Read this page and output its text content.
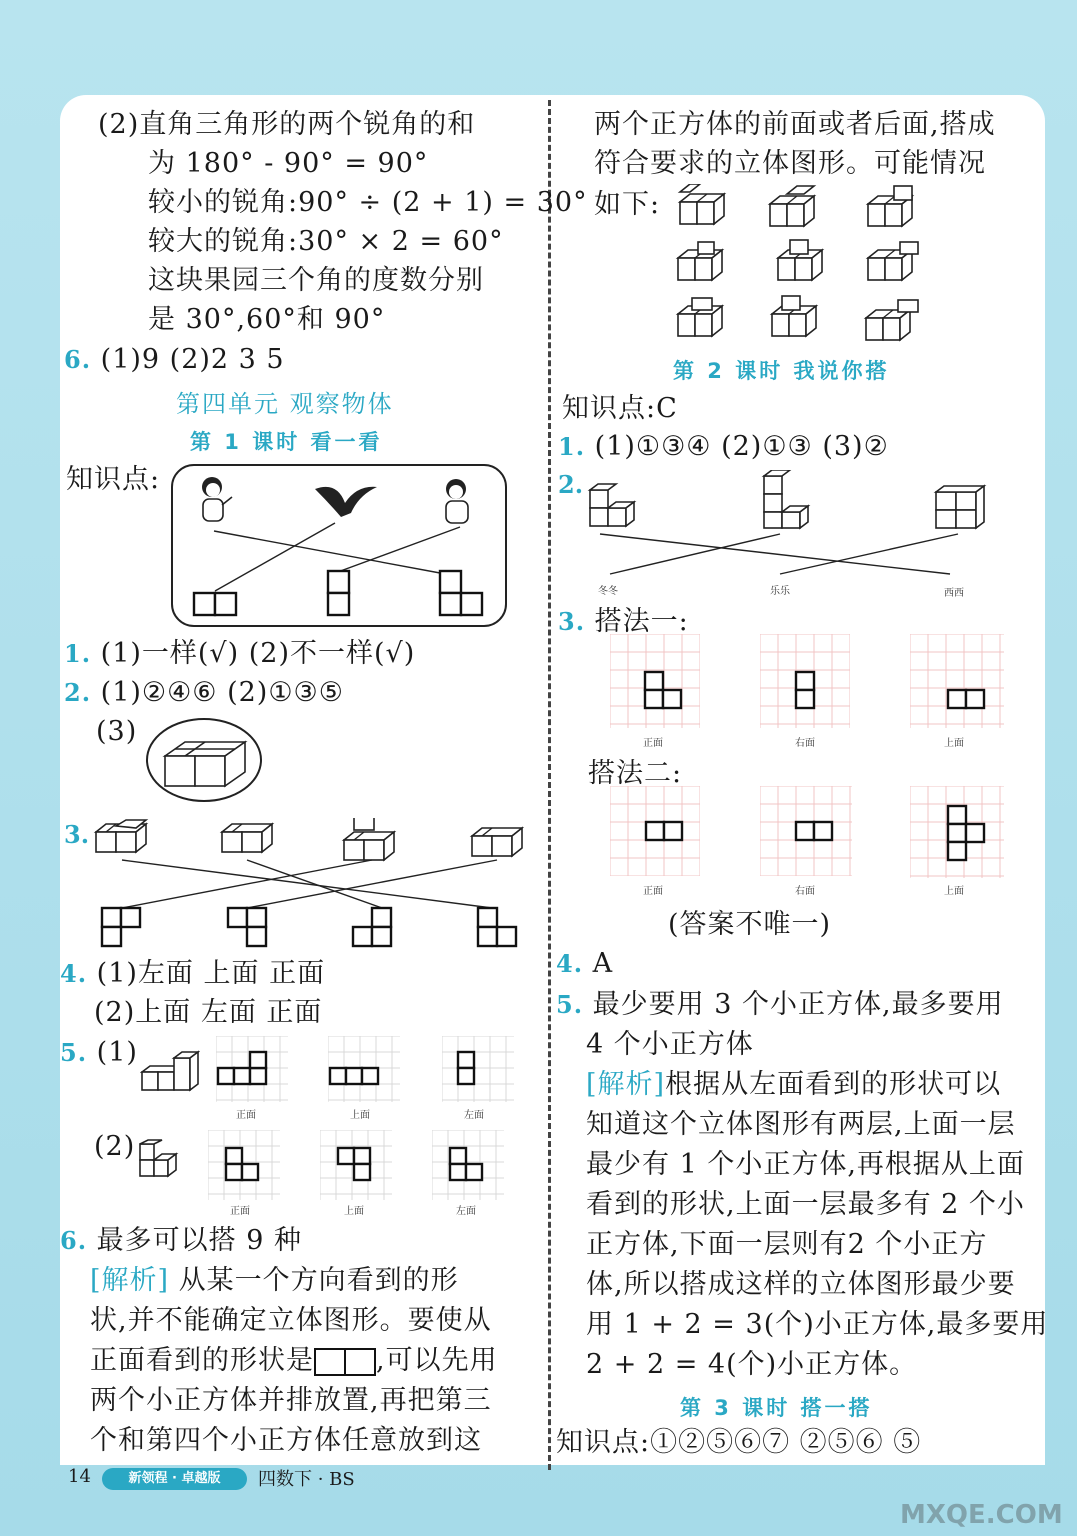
(2)直角三角形的两个锐角的和
为 180° - 90° = 90°
较小的锐角:90° ÷ (2 + 1) = 30°
较大的锐角:30° × 2 = 60°
这块果园三个角的度数分别
是 30°,60°和 90°
6. (1)9 (2)2 3 5
第四单元 观察物体
第 1 课时 看一看
知识点:
1. (1)一样(√) (2)不一样(√)
2. (1)②④⑥ (2)①③⑤
(3)
3.
4. (1)左面 上面 正面
(2)上面 左面 正面
5. (1)
正面	上面	左面
(2)
正面	上面	左面
6. 最多可以搭 9 种
[解析] 从某一个方向看到的形
状,并不能确定立体图形。要使从
正面看到的形状是 ,可以先用
两个小正方体并排放置,再把第三
个和第四个小正方体任意放到这
两个正方体的前面或者后面,搭成
符合要求的立体图形。可能情况
如下:
第 2 课时 我说你搭
知识点:C
1. (1)①③④ (2)①③ (3)②
2.
冬冬	乐乐	西西
3. 搭法一:
正面	右面	上面
搭法二:
正面	右面	上面
(答案不唯一)
4. A
5. 最少要用 3 个小正方体,最多要用
4 个小正方体
[解析]根据从左面看到的形状可以
知道这个立体图形有两层,上面一层
最少有 1 个小正方体,再根据从上面
看到的形状,上面一层最多有 2 个小
正方体,下面一层则有2 个小正方
体,所以搭成这样的立体图形最少要
用 1 + 2 = 3(个)小正方体,最多要用
2 + 2 = 4(个)小正方体。
第 3 课时 搭一搭
知识点:①②⑤⑥⑦ ②⑤⑥ ⑤
14	新领程 · 卓越版	四数下 · BS
MXQE.COM
